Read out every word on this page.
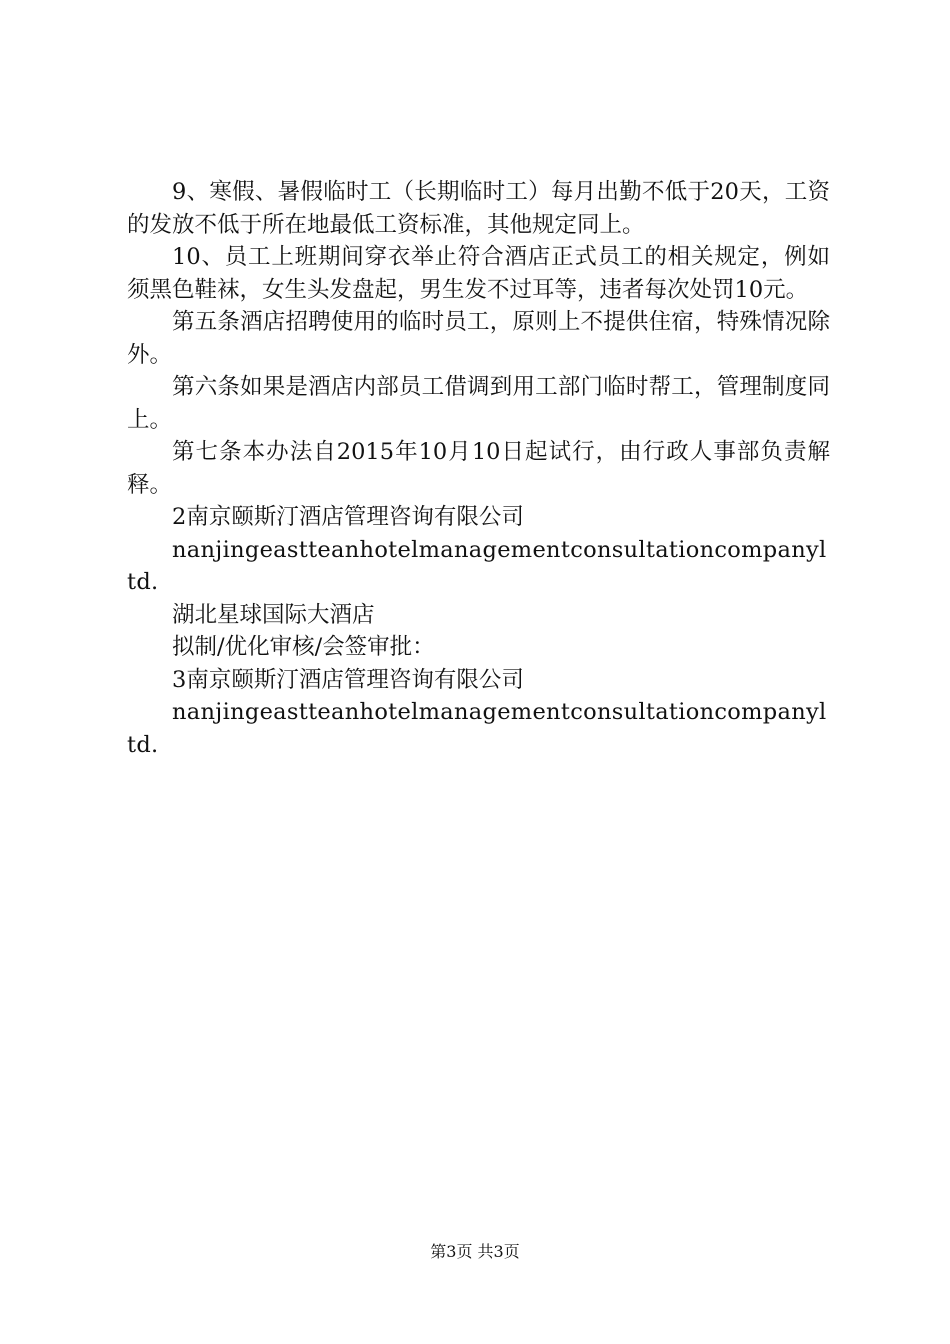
9、寒假、暑假临时工（长期临时工）每月出勤不低于20天，工资的发放不低于所在地最低工资标准，其他规定同上。

10、员工上班期间穿衣举止符合酒店正式员工的相关规定，例如须黑色鞋袜，女生头发盘起，男生发不过耳等，违者每次处罚10元。

第五条酒店招聘使用的临时员工，原则上不提供住宿，特殊情况除外。

第六条如果是酒店内部员工借调到用工部门临时帮工，管理制度同上。

第七条本办法自2015年10月10日起试行，由行政人事部负责解释。

2南京颐斯汀酒店管理咨询有限公司

nanjingeastteanhotelmanagementconsultationcompanyltd.

湖北星球国际大酒店

拟制/优化审核/会签审批：

3南京颐斯汀酒店管理咨询有限公司

nanjingeastteanhotelmanagementconsultationcompanyltd.

第3页 共3页
